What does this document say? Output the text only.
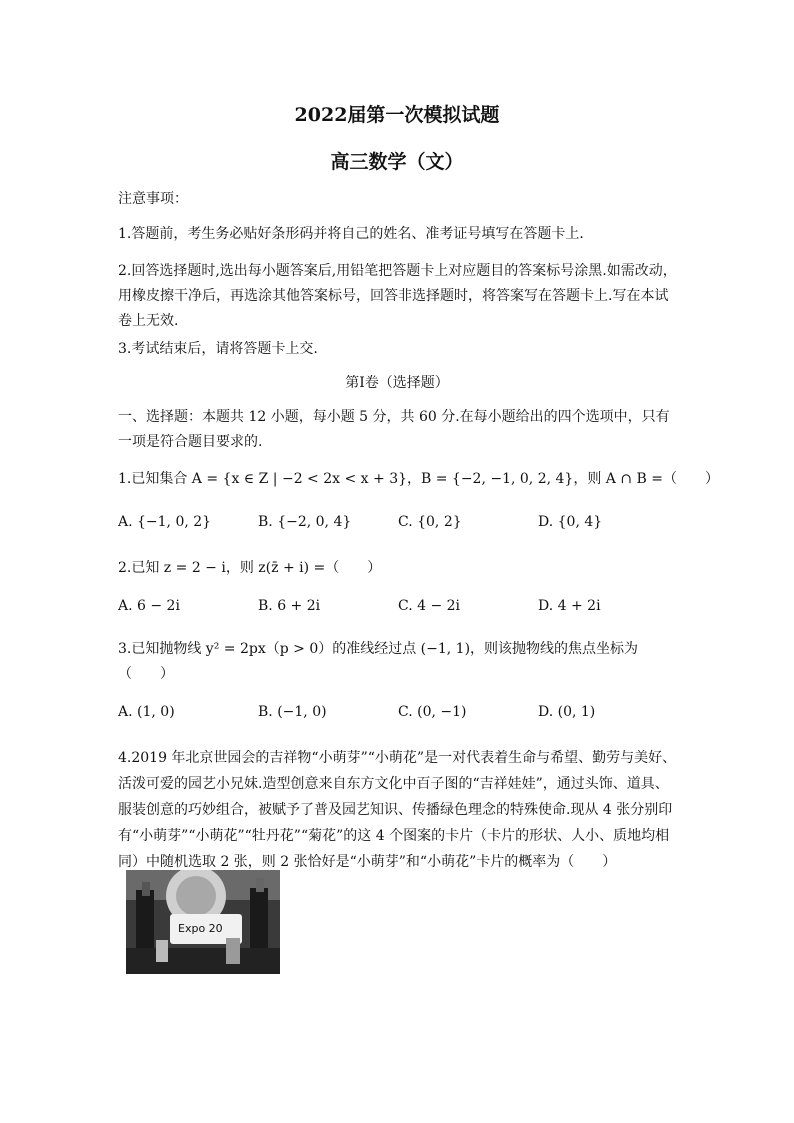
2022届第一次模拟试题
高三数学（文）
注意事项：
1.答题前，考生务必贴好条形码并将自己的姓名、准考证号填写在答题卡上.
2.回答选择题时,选出每小题答案后,用铅笔把答题卡上对应题目的答案标号涂黑.如需改动，用橡皮擦干净后，再选涂其他答案标号，回答非选择题时，将答案写在答题卡上.写在本试卷上无效.
3.考试结束后，请将答题卡上交.
第Ⅰ卷（选择题）
一、选择题：本题共 12 小题，每小题 5 分，共 60 分.在每小题给出的四个选项中，只有一项是符合题目要求的.
1.已知集合 A = {x ∈ Z | −2 < 2x < x + 3}，B = {−2, −1, 0, 2, 4}，则 A ∩ B =（　　）
A. {−1, 0, 2}	B. {−2, 0, 4}	C. {0, 2}	D. {0, 4}
2.已知 z = 2 − i，则 z(z̄ + i) =（　　）
A. 6 − 2i	B. 6 + 2i	C. 4 − 2i	D. 4 + 2i
3.已知抛物线 y² = 2px（p > 0）的准线经过点 (−1, 1)，则该抛物线的焦点坐标为
（　　）
A. (1, 0)	B. (−1, 0)	C. (0, −1)	D. (0, 1)
4.2019 年北京世园会的吉祥物“小萌芽”“小萌花”是一对代表着生命与希望、勤劳与美好、活泼可爱的园艺小兄妹.造型创意来自东方文化中百子图的“吉祥娃娃”，通过头饰、道具、服装创意的巧妙组合，被赋予了普及园艺知识、传播绿色理念的特殊使命.现从 4 张分别印有“小萌芽”“小萌花”“牡丹花”“菊花”的这 4 个图案的卡片（卡片的形状、人小、质地均相同）中随机选取 2 张，则 2 张恰好是“小萌芽”和“小萌花”卡片的概率为（　　）
Expo 20
